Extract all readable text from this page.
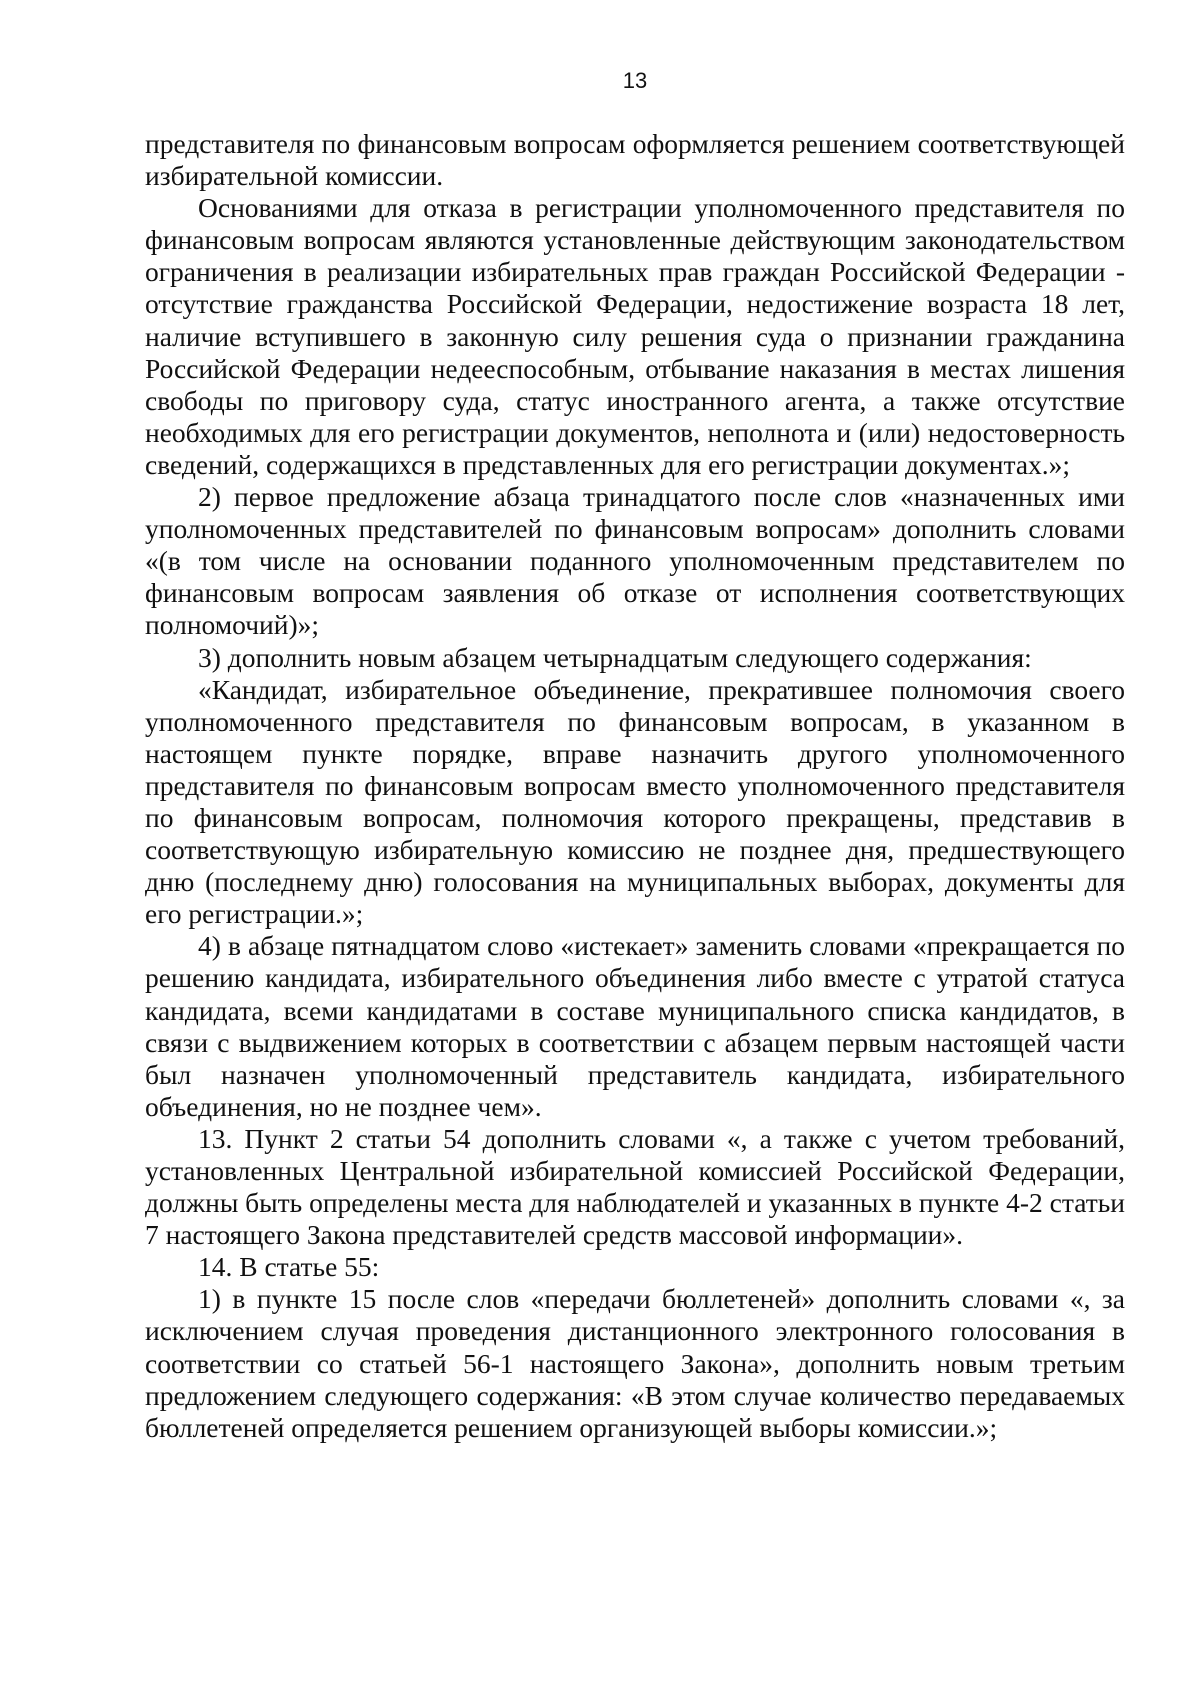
13

представителя по финансовым вопросам оформляется решением соответствующей избирательной комиссии.

Основаниями для отказа в регистрации уполномоченного представителя по финансовым вопросам являются установленные действующим законодательством ограничения в реализации избирательных прав граждан Российской Федерации - отсутствие гражданства Российской Федерации, недостижение возраста 18 лет, наличие вступившего в законную силу решения суда о признании гражданина Российской Федерации недееспособным, отбывание наказания в местах лишения свободы по приговору суда, статус иностранного агента, а также отсутствие необходимых для его регистрации документов, неполнота и (или) недостоверность сведений, содержащихся в представленных для его регистрации документах.»;

2) первое предложение абзаца тринадцатого после слов «назначенных ими уполномоченных представителей по финансовым вопросам» дополнить словами «(в том числе на основании поданного уполномоченным представителем по финансовым вопросам заявления об отказе от исполнения соответствующих полномочий)»;

3) дополнить новым абзацем четырнадцатым следующего содержания:

«Кандидат, избирательное объединение, прекратившее полномочия своего уполномоченного представителя по финансовым вопросам, в указанном в настоящем пункте порядке, вправе назначить другого уполномоченного представителя по финансовым вопросам вместо уполномоченного представителя по финансовым вопросам, полномочия которого прекращены, представив в соответствующую избирательную комиссию не позднее дня, предшествующего дню (последнему дню) голосования на муниципальных выборах, документы для его регистрации.»;

4) в абзаце пятнадцатом слово «истекает» заменить словами «прекращается по решению кандидата, избирательного объединения либо вместе с утратой статуса кандидата, всеми кандидатами в составе муниципального списка кандидатов, в связи с выдвижением которых в соответствии с абзацем первым настоящей части был назначен уполномоченный представитель кандидата, избирательного объединения, но не позднее чем».

13. Пункт 2 статьи 54 дополнить словами «, а также с учетом требований, установленных Центральной избирательной комиссией Российской Федерации, должны быть определены места для наблюдателей и указанных в пункте 4-2 статьи 7 настоящего Закона представителей средств массовой информации».

14. В статье 55:

1) в пункте 15 после слов «передачи бюллетеней» дополнить словами «, за исключением случая проведения дистанционного электронного голосования в соответствии со статьей 56-1 настоящего Закона», дополнить новым третьим предложением следующего содержания: «В этом случае количество передаваемых бюллетеней определяется решением организующей выборы комиссии.»;
